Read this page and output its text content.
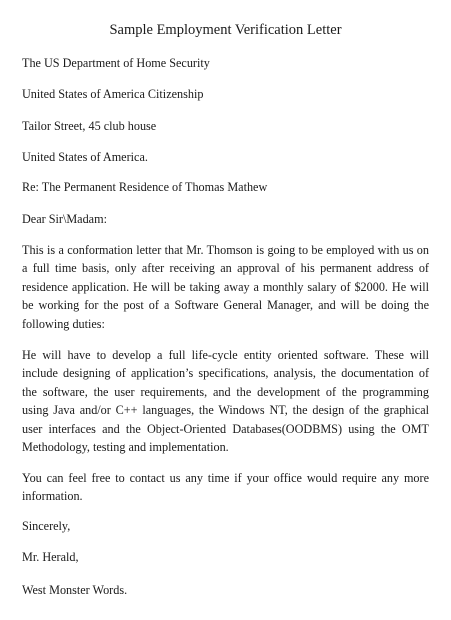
Sample Employment Verification Letter
The US Department of Home Security
United States of America Citizenship
Tailor Street, 45 club house
United States of America.
Re: The Permanent Residence of Thomas Mathew
Dear Sir\Madam:
This is a conformation letter that Mr. Thomson is going to be employed with us on a full time basis, only after receiving an approval of his permanent address of residence application. He will be taking away a monthly salary of $2000. He will be working for the post of a Software General Manager, and will be doing the following duties:
He will have to develop a full life-cycle entity oriented software. These will include designing of application’s specifications, analysis, the documentation of the software, the user requirements, and the development of the programming using Java and/or C++ languages, the Windows NT, the design of the graphical user interfaces and the Object-Oriented Databases(OODBMS) using the OMT Methodology, testing and implementation.
You can feel free to contact us any time if your office would require any more information.
Sincerely,
Mr. Herald,
West Monster Words.
